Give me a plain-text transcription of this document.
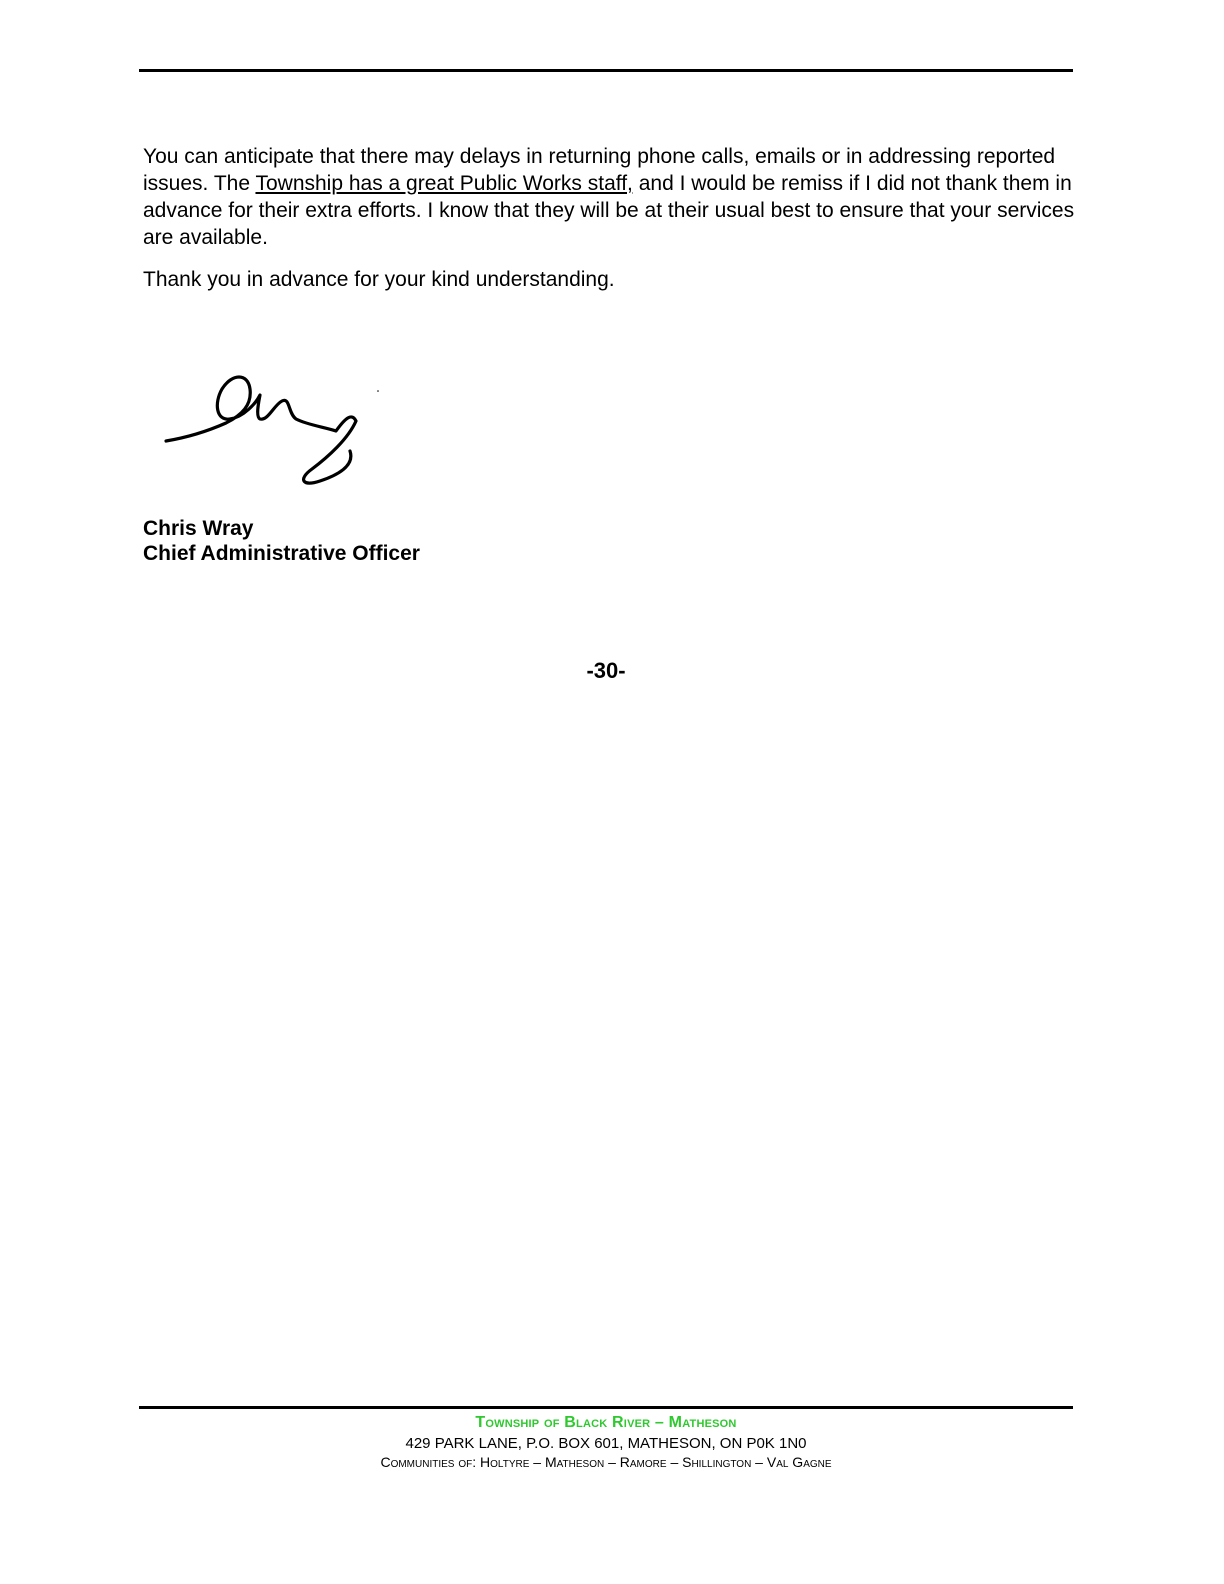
You can anticipate that there may delays in returning phone calls, emails or in addressing reported issues. The Township has a great Public Works staff, and I would be remiss if I did not thank them in advance for their extra efforts. I know that they will be at their usual best to ensure that your services are available.

Thank you in advance for your kind understanding.

Chris Wray
Chief Administrative Officer
-30-
Township of Black River – Matheson
429 PARK LANE, P.O. BOX 601, MATHESON, ON P0K 1N0
Communities of: Holtyre – Matheson – Ramore – Shillington – Val Gagne
